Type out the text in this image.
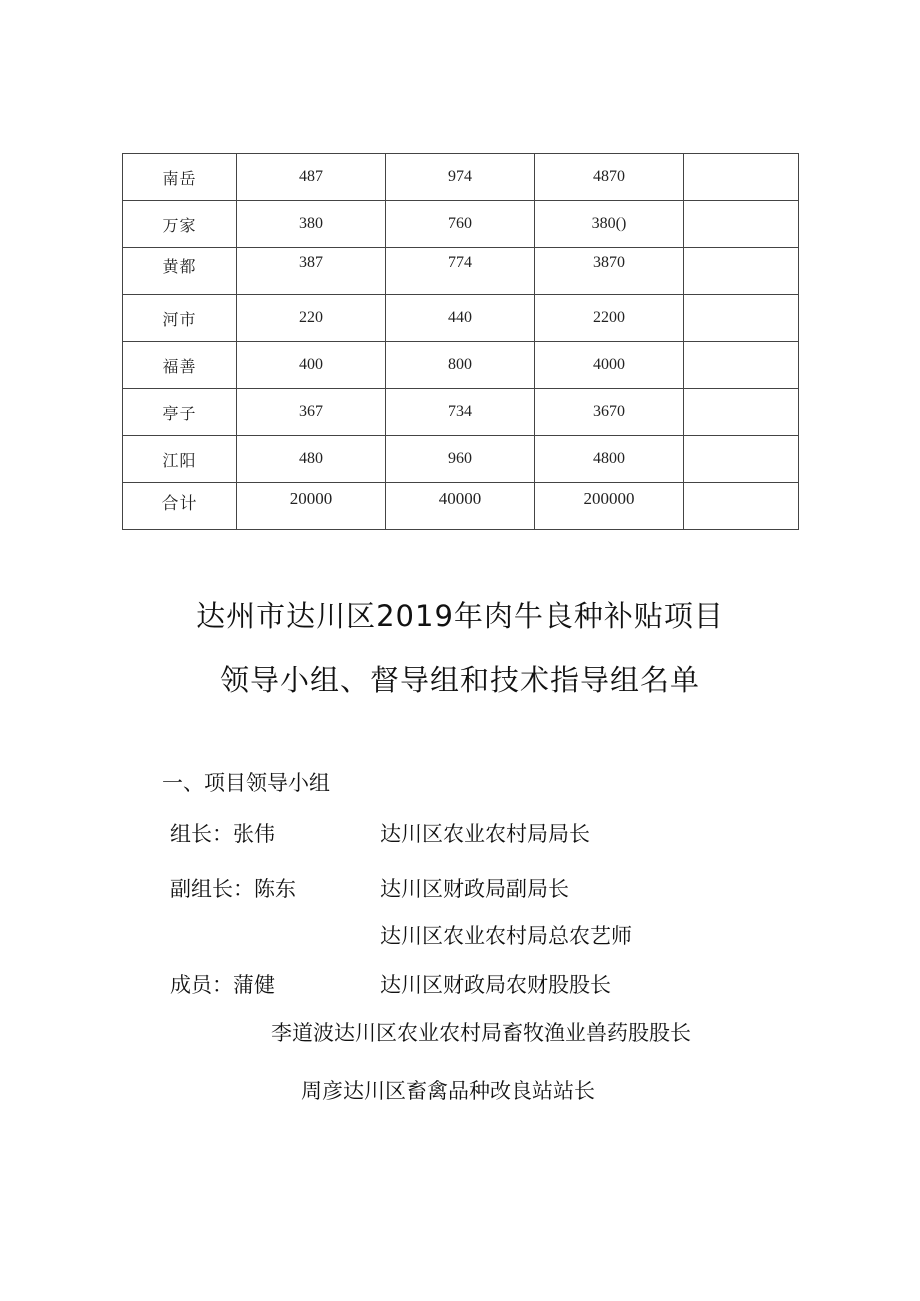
南岳	487	974	4870	
万家	380	760	380()	
黄都	387	774	3870	
河市	220	440	2200	
福善	400	800	4000	
亭子	367	734	3670	
江阳	480	960	4800	
合计	20000	40000	200000	
达州市达川区2019年肉牛良种补贴项目
领导小组、督导组和技术指导组名单
一、项目领导小组
组长：张伟	达川区农业农村局局长
副组长：陈东	达川区财政局副局长
达川区农业农村局总农艺师
成员：蒲健	达川区财政局农财股股长
李道波达川区农业农村局畜牧渔业兽药股股长
周彦达川区畜禽品种改良站站长
